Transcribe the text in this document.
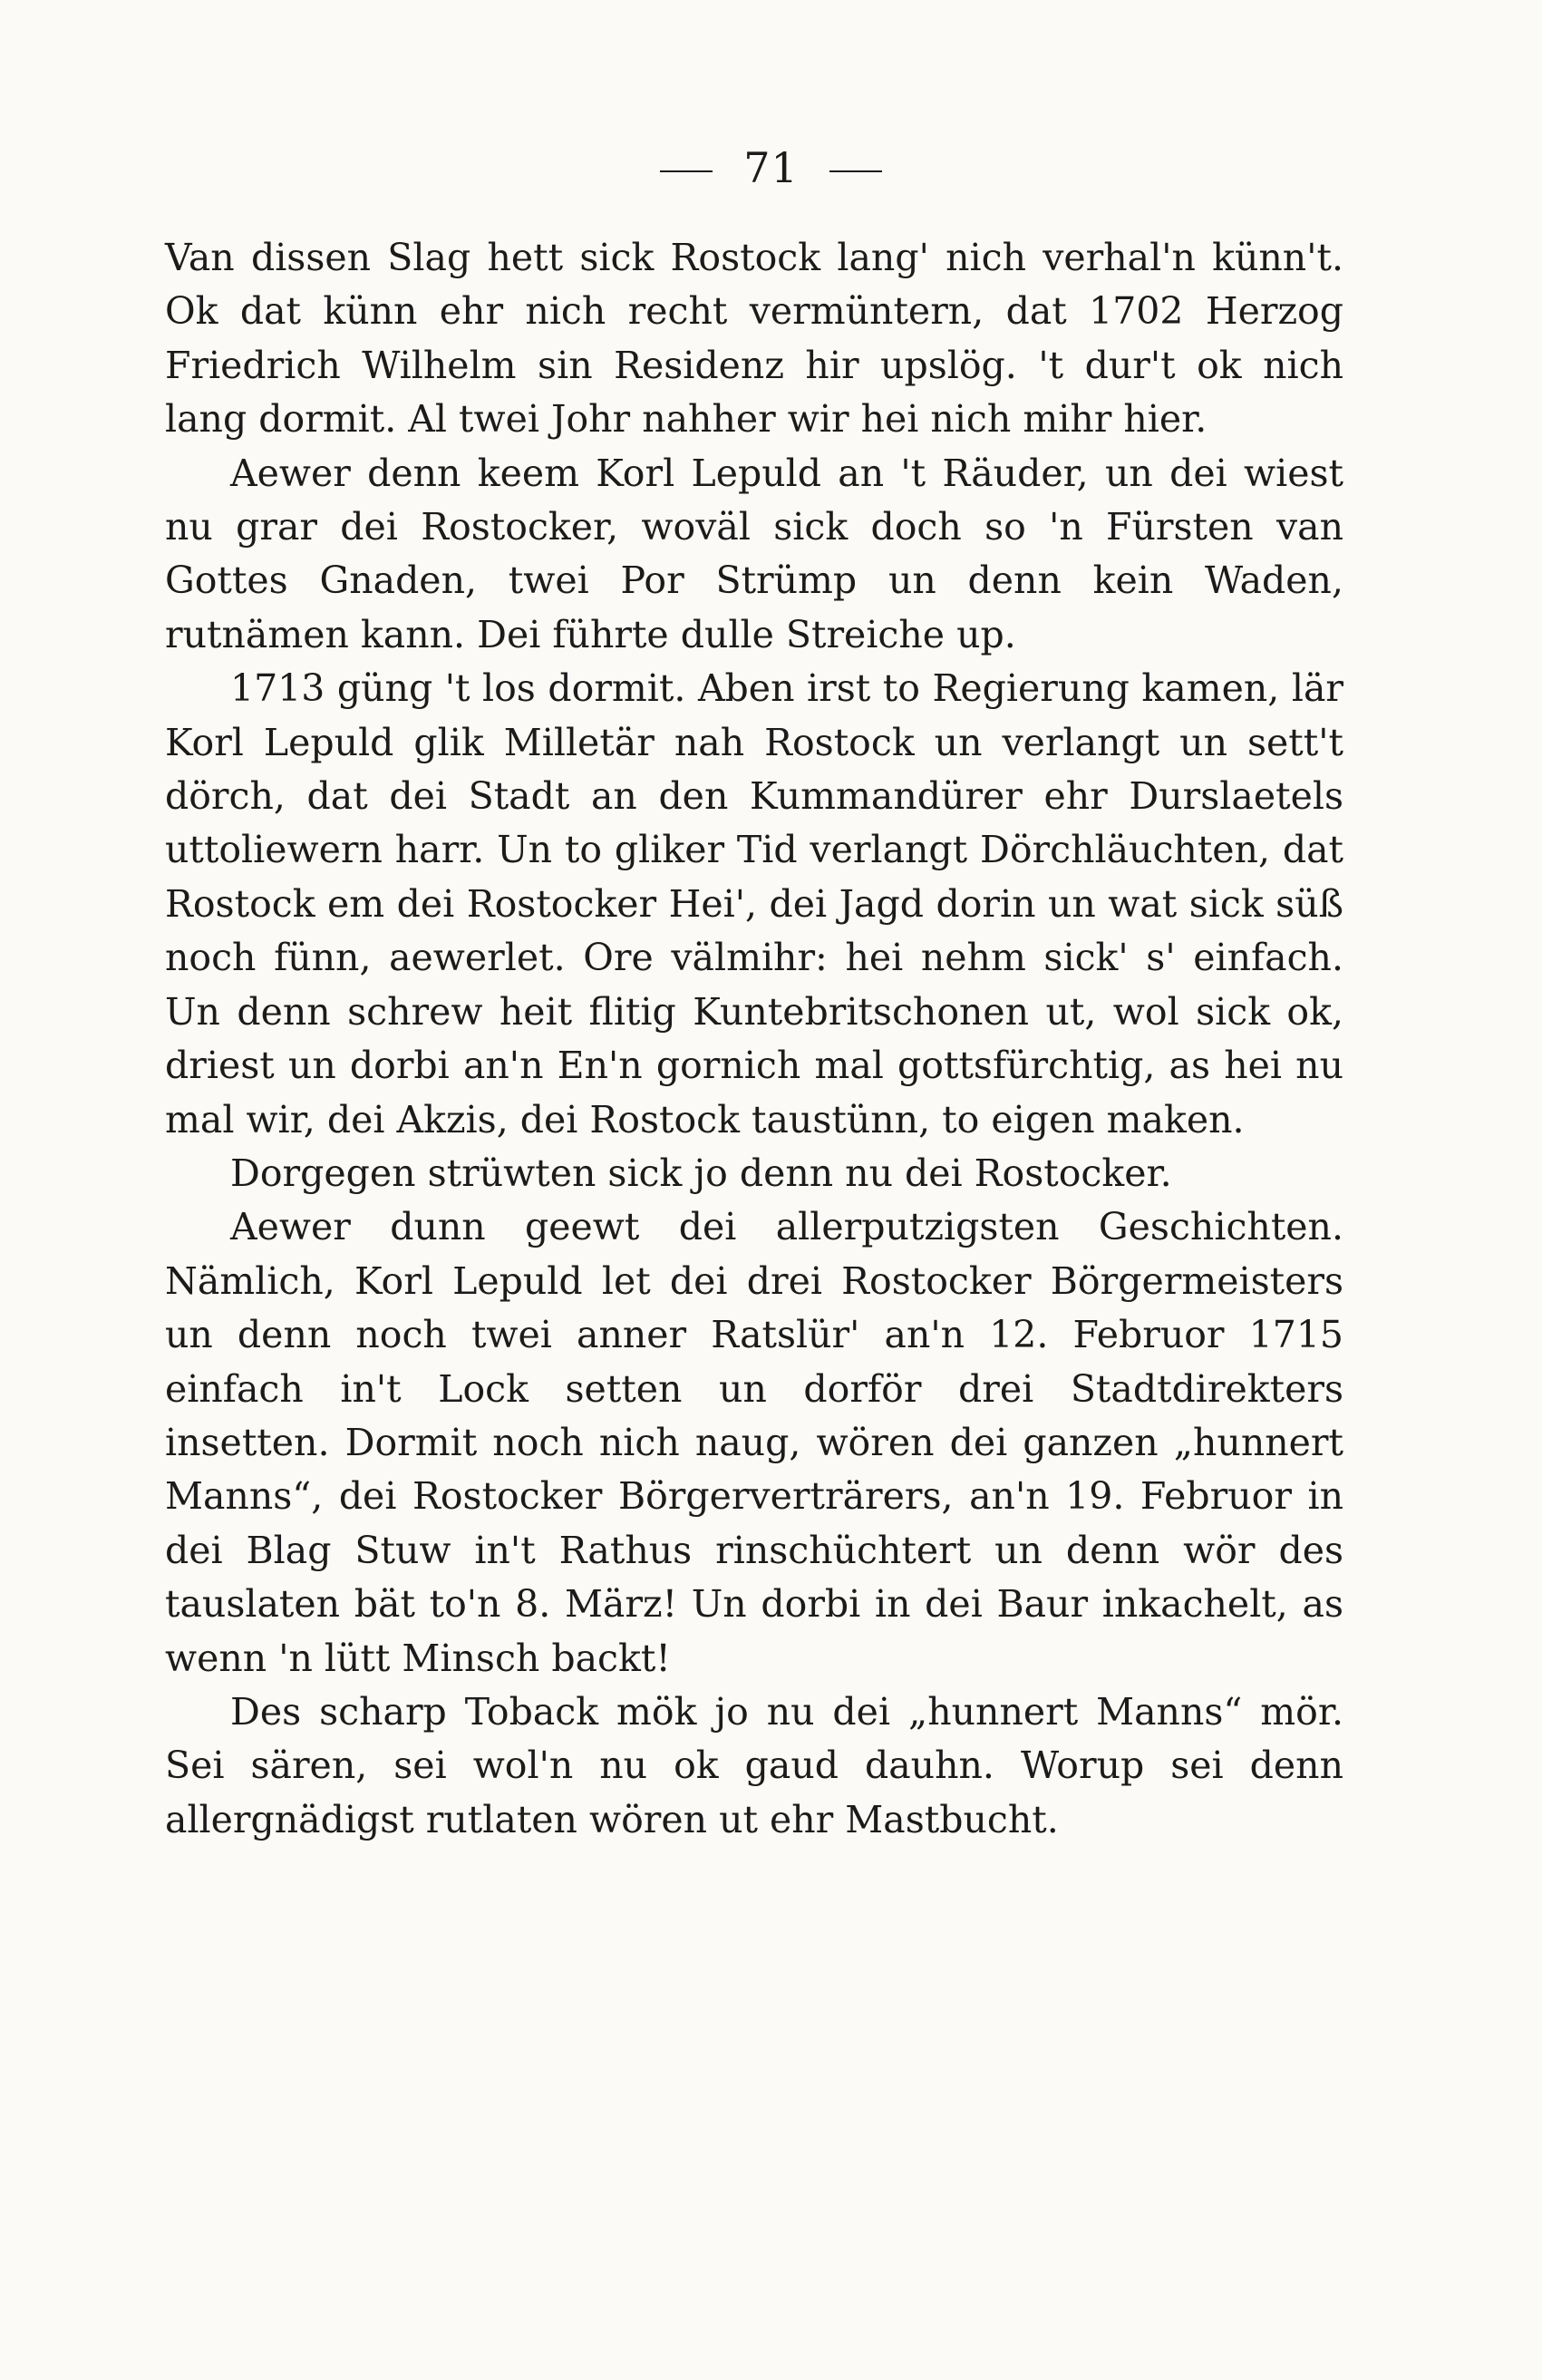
71

Van dissen Slag hett sick Rostock lang' nich verhal'n künn't. Ok dat künn ehr nich recht vermüntern, dat 1702 Herzog Friedrich Wilhelm sin Residenz hir upslög. 't dur't ok nich lang dormit. Al twei Johr nahher wir hei nich mihr hier.

Aewer denn keem Korl Lepuld an 't Räuder, un dei wiest nu grar dei Rostocker, woväl sick doch so 'n Fürsten van Gottes Gnaden, twei Por Strümp un denn kein Waden, rutnämen kann. Dei führte dulle Streiche up.

1713 güng 't los dormit. Aben irst to Regierung kamen, lär Korl Lepuld glik Milletär nah Rostock un verlangt un sett't dörch, dat dei Stadt an den Kummandürer ehr Durslaetels uttoliewern harr. Un to gliker Tid verlangt Dörchläuchten, dat Rostock em dei Rostocker Hei', dei Jagd dorin un wat sick süß noch fünn, aewerlet. Ore välmihr: hei nehm sick' s' einfach. Un denn schrew heit flitig Kuntebritschonen ut, wol sick ok, driest un dorbi an'n En'n gornich mal gottsfürchtig, as hei nu mal wir, dei Akzis, dei Rostock taustünn, to eigen maken.

Dorgegen strüwten sick jo denn nu dei Rostocker.

Aewer dunn geewt dei allerputzigsten Geschichten. Nämlich, Korl Lepuld let dei drei Rostocker Börgermeisters un denn noch twei anner Ratslür' an'n 12. Februor 1715 einfach in't Lock setten un dorför drei Stadtdirekters insetten. Dormit noch nich naug, wören dei ganzen „hunnert Manns“, dei Rostocker Börgerverträrers, an'n 19. Februor in dei Blag Stuw in't Rathus rinschüchtert un denn wör des tauslaten bät to'n 8. März! Un dorbi in dei Baur inkachelt, as wenn 'n lütt Minsch backt!

Des scharp Toback mök jo nu dei „hunnert Manns“ mör. Sei sären, sei wol'n nu ok gaud dauhn. Worup sei denn allergnädigst rutlaten wören ut ehr Mastbucht.
